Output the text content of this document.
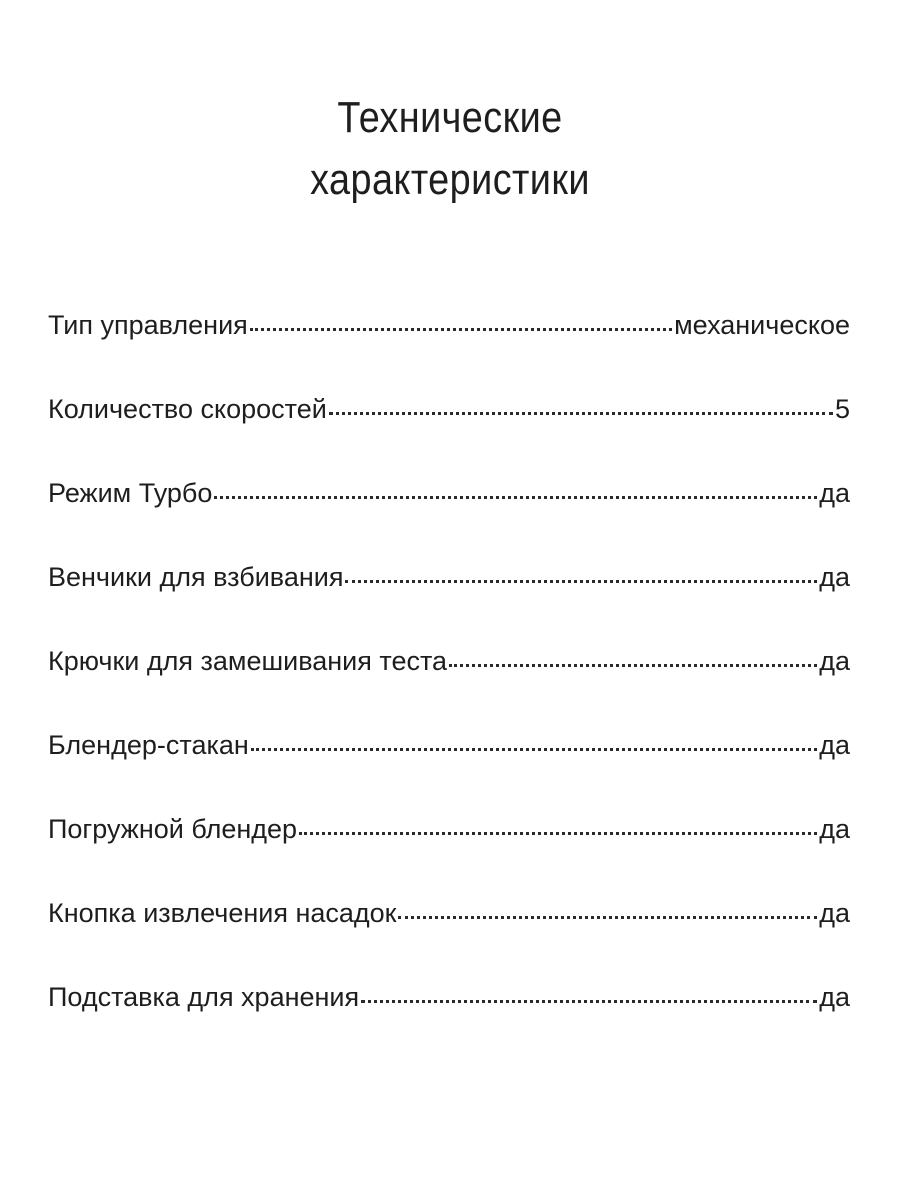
Технические
характеристики
Тип управления	механическое
Количество скоростей	5
Режим Турбо	да
Венчики для взбивания	да
Крючки для замешивания теста	да
Блендер-стакан	да
Погружной блендер	да
Кнопка извлечения насадок	да
Подставка для хранения	да
